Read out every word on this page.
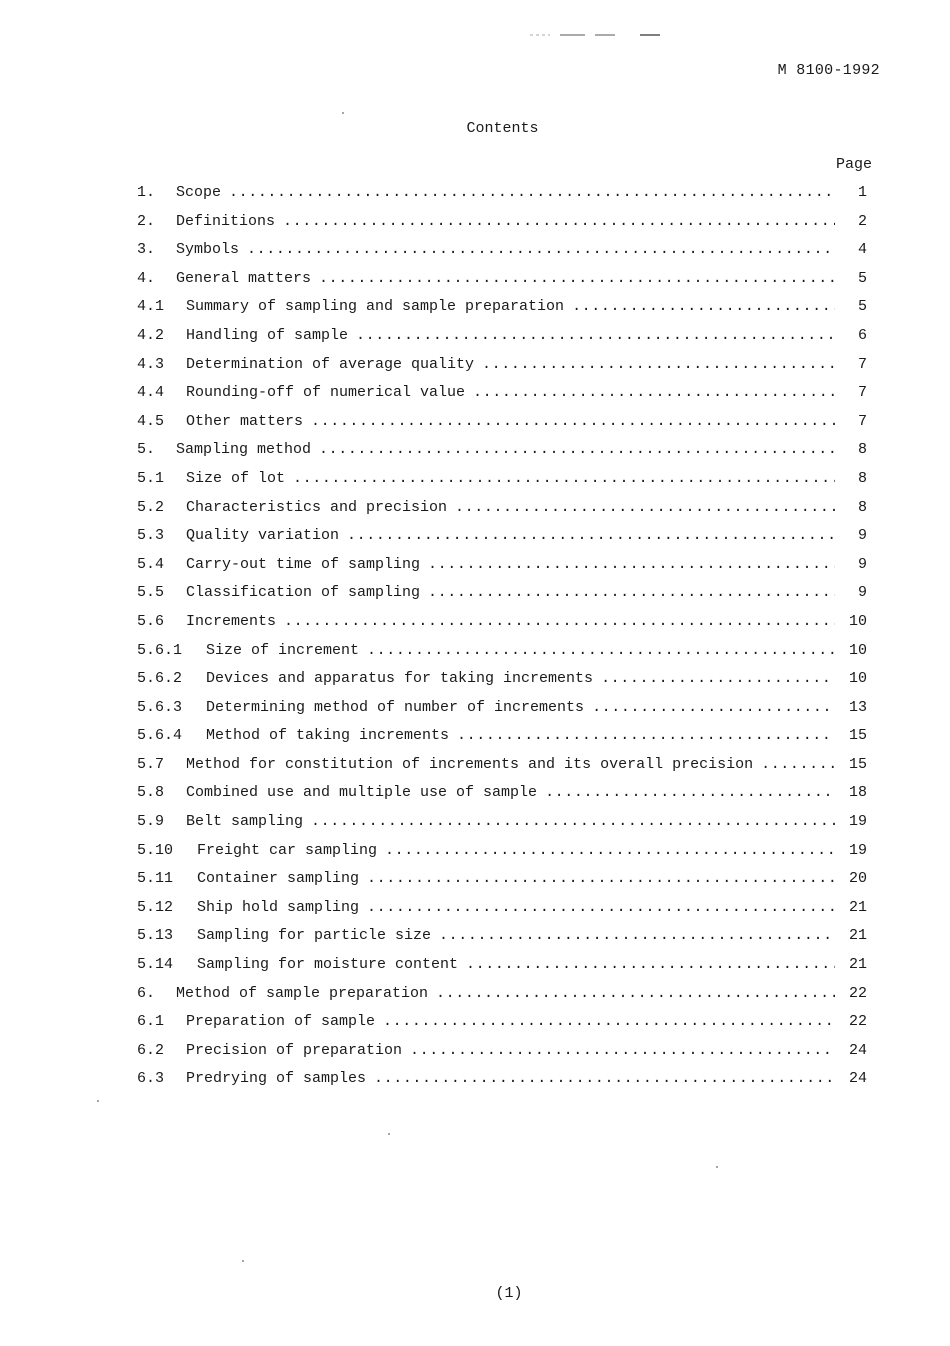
M 8100-1992
Contents
Page
1.	Scope .....	1
2.	Definitions .....	2
3.	Symbols .....	4
4.	General matters .....	5
4.1	Summary of sampling and sample preparation .....	5
4.2	Handling of sample .....	6
4.3	Determination of average quality .....	7
4.4	Rounding-off of numerical value .....	7
4.5	Other matters .....	7
5.	Sampling method .....	8
5.1	Size of lot .....	8
5.2	Characteristics and precision .....	8
5.3	Quality variation .....	9
5.4	Carry-out time of sampling .....	9
5.5	Classification of sampling .....	9
5.6	Increments .....	10
5.6.1	Size of increment .....	10
5.6.2	Devices and apparatus for taking increments .....	10
5.6.3	Determining method of number of increments .....	13
5.6.4	Method of taking increments .....	15
5.7	Method for constitution of increments and its overall precision .....	15
5.8	Combined use and multiple use of sample .....	18
5.9	Belt sampling .....	19
5.10	Freight car sampling .....	19
5.11	Container sampling .....	20
5.12	Ship hold sampling .....	21
5.13	Sampling for particle size .....	21
5.14	Sampling for moisture content .....	21
6.	Method of sample preparation .....	22
6.1	Preparation of sample .....	22
6.2	Precision of preparation .....	24
6.3	Predrying of samples .....	24
(1)
